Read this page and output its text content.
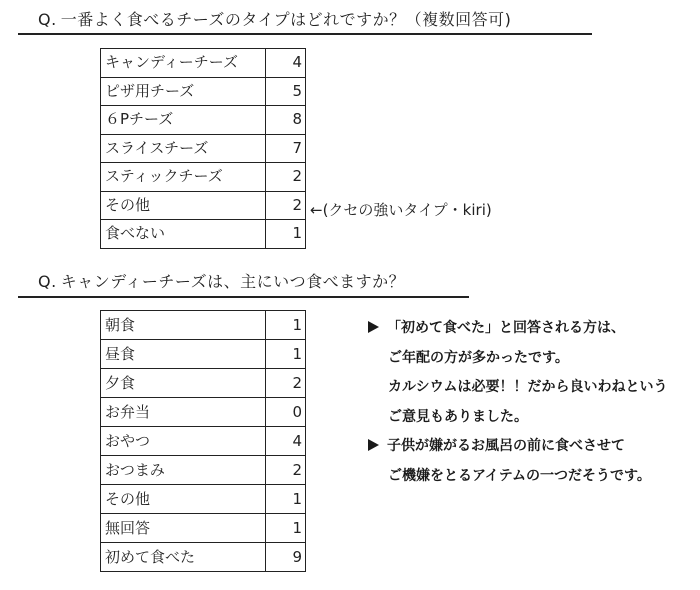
Q. 一番よく食べるチーズのタイプはどれですか？（複数回答可)
キャンディーチーズ	4
ピザ用チーズ	5
６Pチーズ	8
スライスチーズ	7
スティックチーズ	2
その他	2
食べない	1
←(クセの強いタイプ・kiri)
Q. キャンディーチーズは、主にいつ食べますか？
朝食	1
昼食	1
夕食	2
お弁当	0
おやつ	4
おつまみ	2
その他	1
無回答	1
初めて食べた	9
「初めて食べた」と回答される方は、
ご年配の方が多かったです。
カルシウムは必要！！だから良いわねという
ご意見もありました。
子供が嫌がるお風呂の前に食べさせて
ご機嫌をとるアイテムの一つだそうです。
